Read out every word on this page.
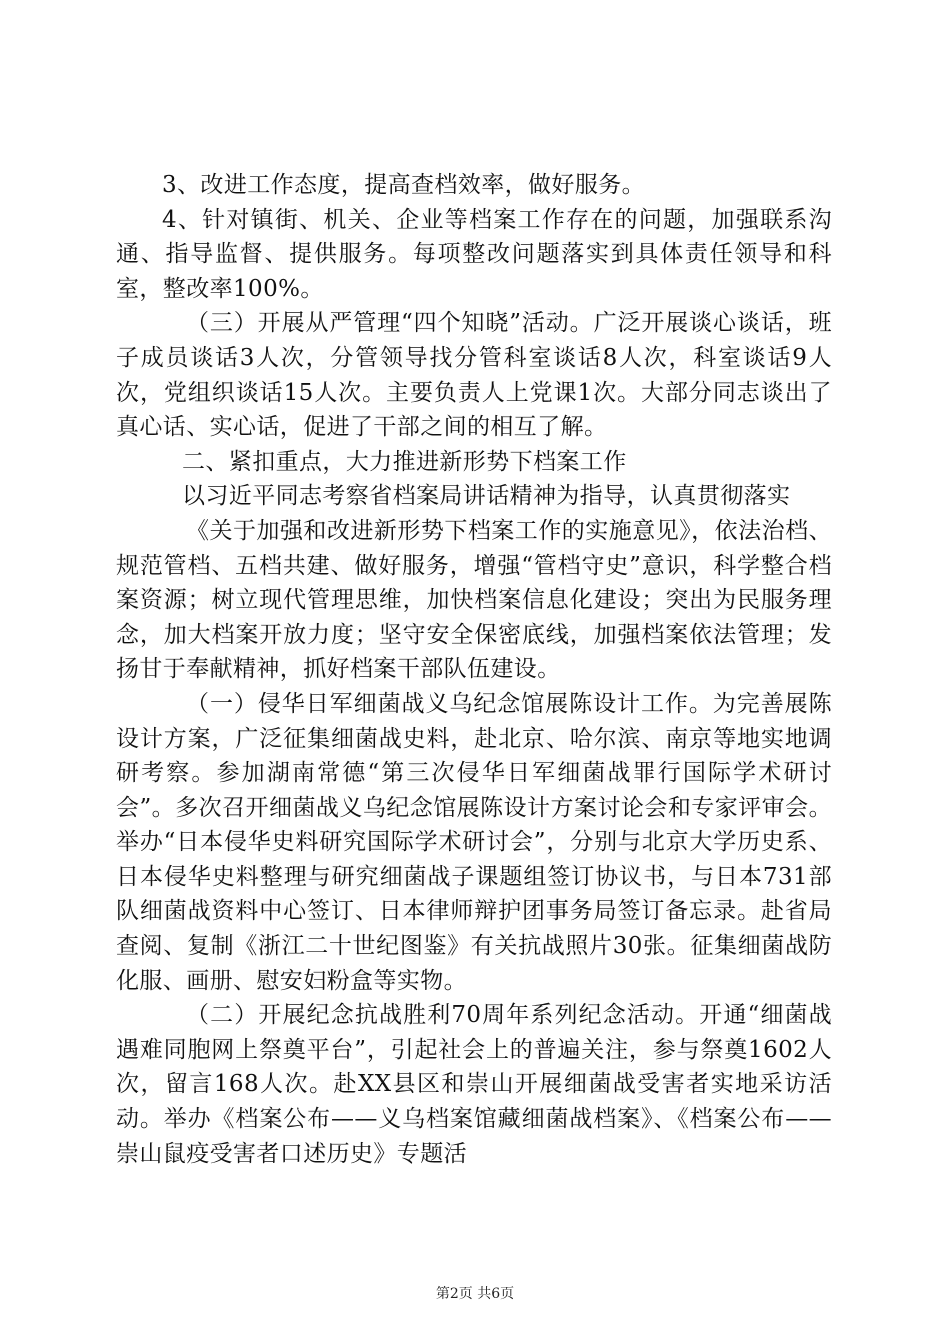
3、改进工作态度，提高查档效率，做好服务。

4、针对镇街、机关、企业等档案工作存在的问题，加强联系沟通、指导监督、提供服务。每项整改问题落实到具体责任领导和科室，整改率100%。

（三）开展从严管理“四个知晓”活动。广泛开展谈心谈话，班子成员谈话3人次，分管领导找分管科室谈话8人次，科室谈话9人次，党组织谈话15人次。主要负责人上党课1次。大部分同志谈出了真心话、实心话，促进了干部之间的相互了解。

二、紧扣重点，大力推进新形势下档案工作

以习近平同志考察省档案局讲话精神为指导，认真贯彻落实

《关于加强和改进新形势下档案工作的实施意见》，依法治档、规范管档、五档共建、做好服务，增强“管档守史”意识，科学整合档案资源；树立现代管理思维，加快档案信息化建设；突出为民服务理念，加大档案开放力度；坚守安全保密底线，加强档案依法管理；发扬甘于奉献精神，抓好档案干部队伍建设。

（一）侵华日军细菌战义乌纪念馆展陈设计工作。为完善展陈设计方案，广泛征集细菌战史料，赴北京、哈尔滨、南京等地实地调研考察。参加湖南常德“第三次侵华日军细菌战罪行国际学术研讨会”。多次召开细菌战义乌纪念馆展陈设计方案讨论会和专家评审会。举办“日本侵华史料研究国际学术研讨会”，分别与北京大学历史系、日本侵华史料整理与研究细菌战子课题组签订协议书，与日本731部队细菌战资料中心签订、日本律师辩护团事务局签订备忘录。赴省局查阅、复制《浙江二十世纪图鉴》有关抗战照片30张。征集细菌战防化服、画册、慰安妇粉盒等实物。

（二）开展纪念抗战胜利70周年系列纪念活动。开通“细菌战遇难同胞网上祭奠平台”，引起社会上的普遍关注，参与祭奠1602人次，留言168人次。赴XX县区和崇山开展细菌战受害者实地采访活动。举办《档案公布——义乌档案馆藏细菌战档案》、《档案公布——崇山鼠疫受害者口述历史》专题活

第2页 共6页
